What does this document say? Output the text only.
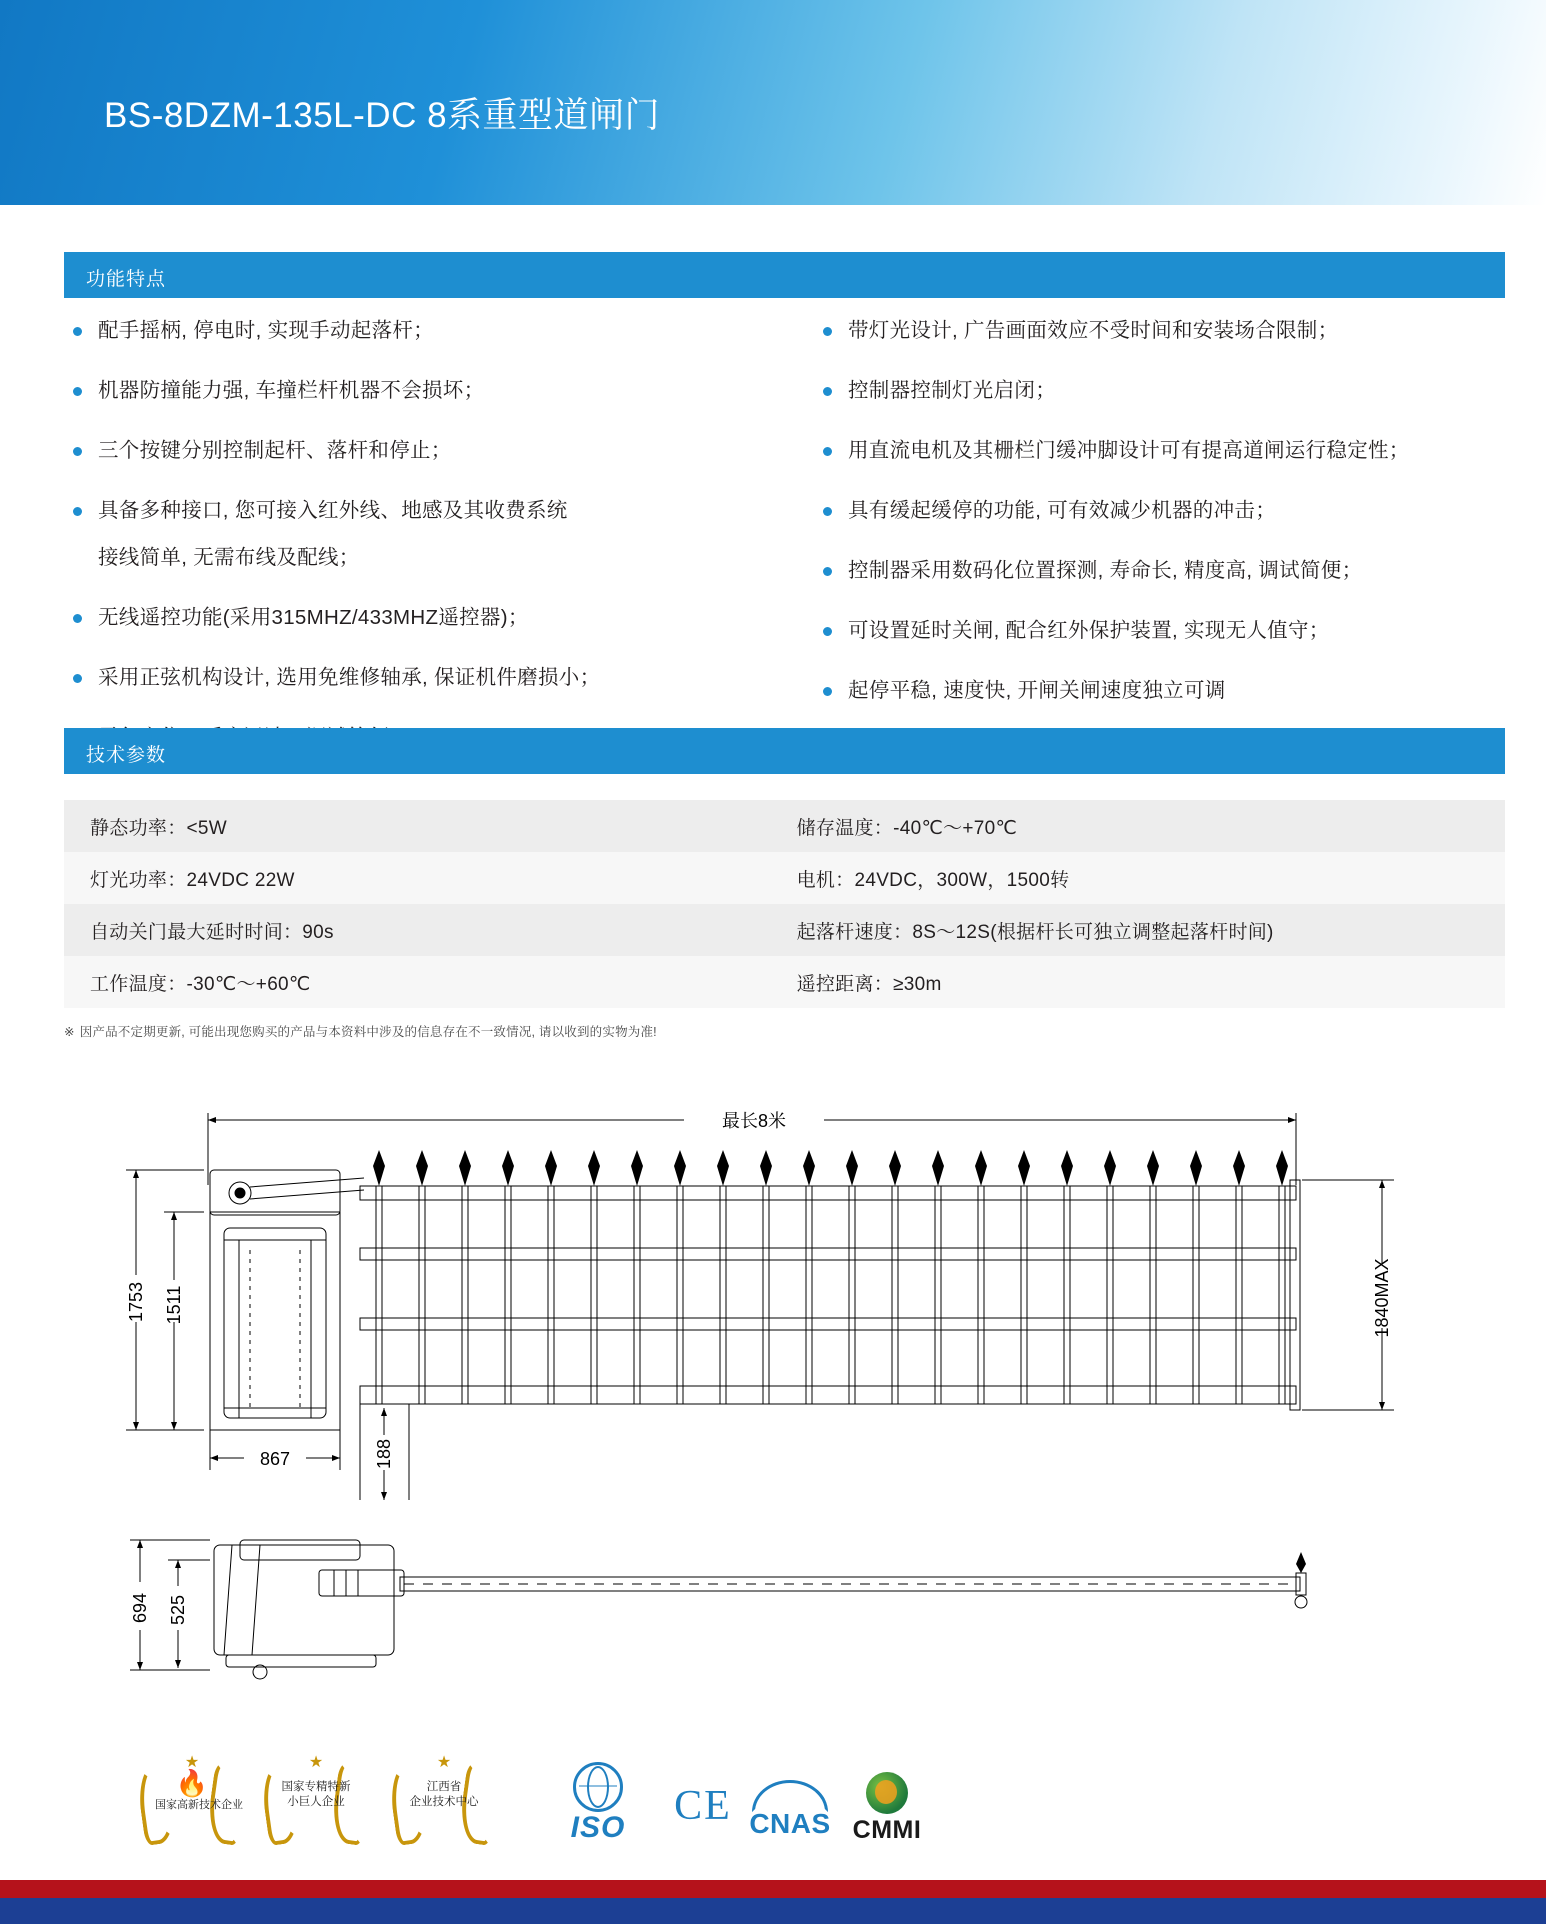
BS-8DZM-135L-DC 8系重型道闸门
功能特点
配手摇柄, 停电时, 实现手动起落杆；
机器防撞能力强, 车撞栏杆机器不会损坏；
三个按键分别控制起杆、落杆和停止；
具备多种接口, 您可接入红外线、地感及其收费系统
接线简单, 无需布线及配线；
无线遥控功能(采用315MHZ/433MHZ遥控器)；
采用正弦机构设计, 选用免维修轴承, 保证机件磨损小；
带灯光设计, 广告画面效应不受时间和安装场合限制；
控制器控制灯光启闭；
用直流电机及其栅栏门缓冲脚设计可有提高道闸运行稳定性；
具有缓起缓停的功能, 可有效减少机器的冲击；
控制器采用数码化位置探测, 寿命长, 精度高, 调试简便；
可设置延时关闸, 配合红外保护装置, 实现无人值守；
起停平稳, 速度快, 开闸关闸速度独立可调
技术参数
静态功率：<5W	储存温度：-40℃～+70℃
灯光功率：24VDC 22W	电机：24VDC，300W，1500转
自动关门最大延时时间：90s	起落杆速度：8S～12S(根据杆长可独立调整起落杆时间)
工作温度：-30℃～+60℃	遥控距离：≥30m
※ 因产品不定期更新, 可能出现您购买的产品与本资料中涉及的信息存在不一致情况, 请以收到的实物为准!
最长8米
1753 1511	1840MAX
867	188
694 525
★
🔥
国家高新技术企业
★
国家专精特新
小巨人企业
★
江西省
企业技术中心
ISO	CE CNAS CMMI
